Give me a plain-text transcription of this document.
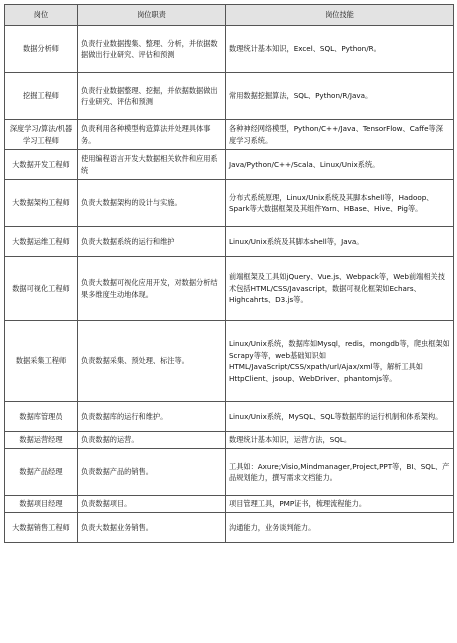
岗位	岗位职责	岗位技能
数据分析师	负责行业数据搜集、整理、分析，并依据数据做出行业研究、评估和预测	数理统计基本知识，Excel、SQL、Python/R。
挖掘工程师	负责行业数据整理、挖掘，并依据数据做出行业研究、评估和预测	常用数据挖掘算法，SQL、Python/R/Java。
深度学习/算法/机器学习工程师	负责利用各种模型构造算法并处理具体事务。	各种神经网络模型，Python/C++/Java、TensorFlow、Caffe等深度学习系统。
大数据开发工程师	使用编程语言开发大数据相关软件和应用系统	Java/Python/C++/Scala、Linux/Unix系统。
大数据架构工程师	负责大数据架构的设计与实施。	分布式系统原理，Linux/Unix系统及其脚本shell等，Hadoop、Spark等大数据框架及其组件Yarn、HBase、Hive、Pig等。
大数据运维工程师	负责大数据系统的运行和维护	Linux/Unix系统及其脚本shell等，Java。
数据可视化工程师	负责大数据可视化应用开发，对数据分析结果多维度生动地体现。	前端框架及工具如jQuery、Vue.js、Webpack等，Web前端相关技术包括HTML/CSS/Javascript，数据可视化框架如Echars、Highcahrts、D3.js等。
数据采集工程师	负责数据采集、预处理、标注等。	Linux/Unix系统，数据库如Mysql，redis，mongdb等，爬虫框架如Scrapy等等，web基础知识如HTML/JavaScript/CSS/xpath/url/Ajax/xml等，解析工具如HttpClient、jsoup、WebDriver、phantomjs等。
数据库管理员	负责数据库的运行和维护。	Linux/Unix系统，MySQL、SQL等数据库的运行机制和体系架构。
数据运营经理	负责数据的运营。	数理统计基本知识，运营方法，SQL。
数据产品经理	负责数据产品的销售。	工具如：Axure;Visio,Mindmanager,Project,PPT等，BI、SQL、产品规划能力，撰写需求文档能力。
数据项目经理	负责数据项目。	项目管理工具，PMP证书，梳理流程能力。
大数据销售工程师	负责大数据业务销售。	沟通能力，业务谈判能力。
